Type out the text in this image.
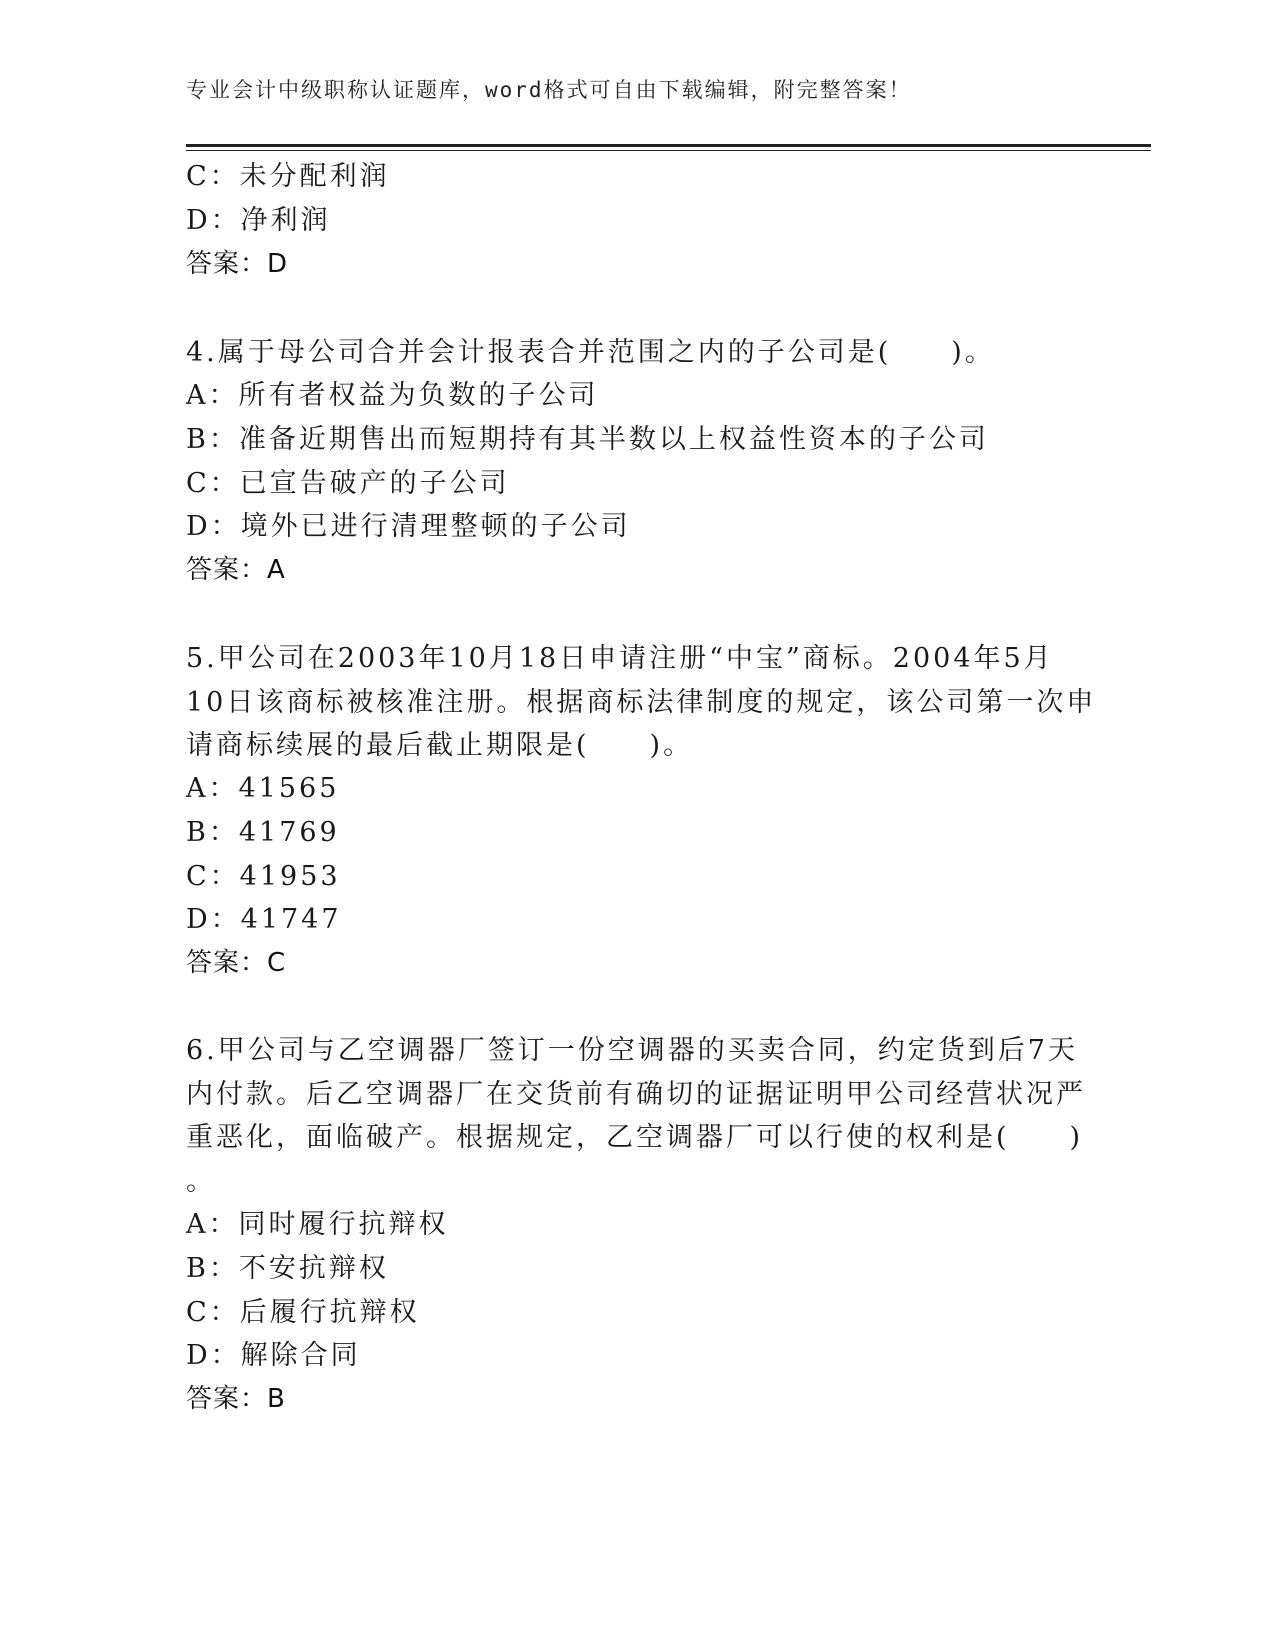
专业会计中级职称认证题库，word格式可自由下载编辑，附完整答案！
C：未分配利润
D：净利润
答案：D
4.属于母公司合并会计报表合并范围之内的子公司是(　　)。
A：所有者权益为负数的子公司
B：准备近期售出而短期持有其半数以上权益性资本的子公司
C：已宣告破产的子公司
D：境外已进行清理整顿的子公司
答案：A
5.甲公司在2003年10月18日申请注册“中宝”商标。2004年5月
10日该商标被核准注册。根据商标法律制度的规定，该公司第一次申
请商标续展的最后截止期限是(　　)。
A：41565
B：41769
C：41953
D：41747
答案：C
6.甲公司与乙空调器厂签订一份空调器的买卖合同，约定货到后7天
内付款。后乙空调器厂在交货前有确切的证据证明甲公司经营状况严
重恶化，面临破产。根据规定，乙空调器厂可以行使的权利是(　　)
。
A：同时履行抗辩权
B：不安抗辩权
C：后履行抗辩权
D：解除合同
答案：B
